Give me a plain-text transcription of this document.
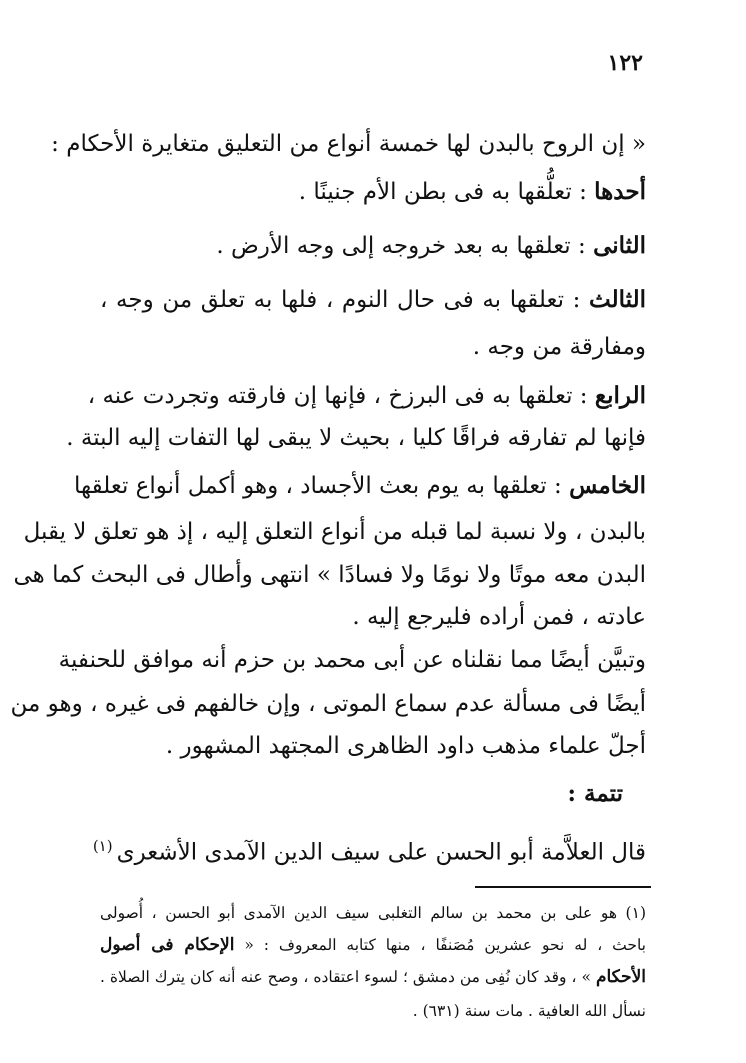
١٢٢
« إن الروح بالبدن لها خمسة أنواع من التعليق متغايرة الأحكام :
أحدها : تعلُّقها به فى بطن الأم جنينًا .
الثانى : تعلقها به بعد خروجه إلى وجه الأرض .
الثالث : تعلقها به فى حال النوم ، فلها به تعلق من وجه ،
ومفارقة من وجه .
الرابع : تعلقها به فى البرزخ ، فإنها إن فارقته وتجردت عنه ،
فإنها لم تفارقه فراقًا كليا ، بحيث لا يبقى لها التفات إليه البتة .
الخامس : تعلقها به يوم بعث الأجساد ، وهو أكمل أنواع تعلقها
بالبدن ، ولا نسبة لما قبله من أنواع التعلق إليه ، إذ هو تعلق لا يقبل
البدن معه موتًا ولا نومًا ولا فسادًا » انتهى وأطال فى البحث كما هى
عادته ، فمن أراده فليرجع إليه .
وتبيَّن أيضًا مما نقلناه عن أبى محمد بن حزم أنه موافق للحنفية
أيضًا فى مسألة عدم سماع الموتى ، وإن خالفهم فى غيره ، وهو من
أجلّ علماء مذهب داود الظاهرى المجتهد المشهور .
تتمة :
قال العلاَّمة أبو الحسن على سيف الدين الآمدى الأشعرى$^{(١)}$
(١) هو على بن محمد بن سالم التغلبى سيف الدين الآمدى أبو الحسن ، أُصولى
باحث ، له نحو عشرين مُصَنفًا ، منها كتابه المعروف : « الإحكام فى أصول
الأحكام » ، وقد كان نُفِى من دمشق ؛ لسوء اعتقاده ، وصح عنه أنه كان يترك الصلاة .
نسأل الله العافية . مات سنة (٦٣١) .
